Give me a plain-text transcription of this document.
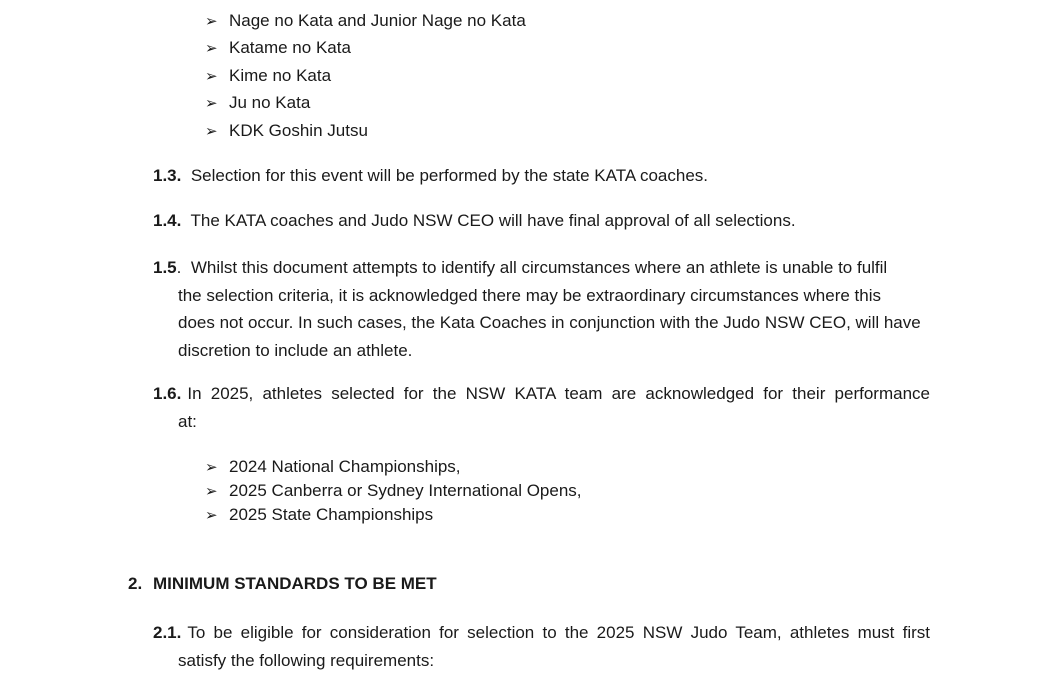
➢ Nage no Kata and Junior Nage no Kata
➢ Katame no Kata
➢ Kime no Kata
➢ Ju no Kata
➢ KDK Goshin Jutsu
1.3. Selection for this event will be performed by the state KATA coaches.
1.4. The KATA coaches and Judo NSW CEO will have final approval of all selections.
1.5. Whilst this document attempts to identify all circumstances where an athlete is unable to fulfil
the selection criteria, it is acknowledged there may be extraordinary circumstances where this
does not occur. In such cases, the Kata Coaches in conjunction with the Judo NSW CEO, will have
discretion to include an athlete.
1.6. In 2025, athletes selected for the NSW KATA team are acknowledged for their performance
at:
➢ 2024 National Championships,
➢ 2025 Canberra or Sydney International Opens,
➢ 2025 State Championships
2. MINIMUM STANDARDS TO BE MET
2.1. To be eligible for consideration for selection to the 2025 NSW Judo Team, athletes must first
satisfy the following requirements:
